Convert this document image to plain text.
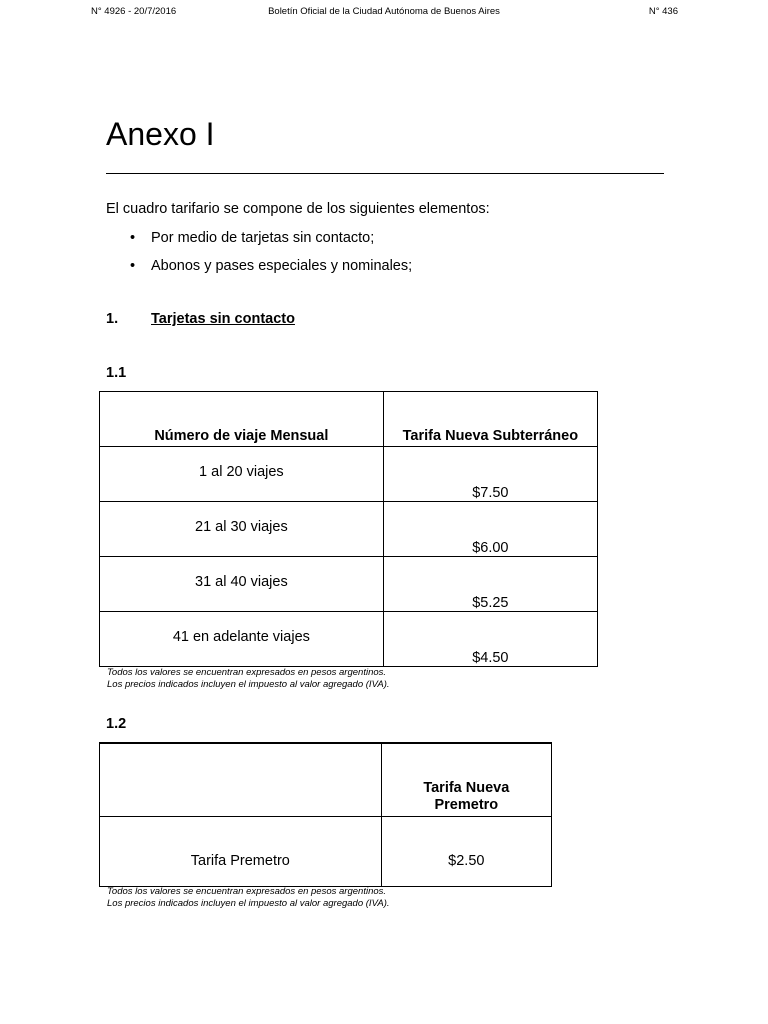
N° 4926 - 20/7/2016	Boletín Oficial de la Ciudad Autónoma de Buenos Aires	N° 436
Anexo I
El cuadro tarifario se compone de los siguientes elementos:
• Por medio de tarjetas sin contacto;
• Abonos y pases especiales y nominales;
1. Tarjetas sin contacto
1.1
Número de viaje Mensual	Tarifa Nueva Subterráneo

1 al 20 viajes	$7.50

21 al 30 viajes	$6.00

31 al 40 viajes	$5.25

41 en adelante viajes	$4.50
Todos los valores se encuentran expresados en pesos argentinos.
Los precios indicados incluyen el impuesto al valor agregado (IVA).
1.2

	Tarifa Nueva
Premetro

Tarifa Premetro	$2.50
Todos los valores se encuentran expresados en pesos argentinos.
Los precios indicados incluyen el impuesto al valor agregado (IVA).
